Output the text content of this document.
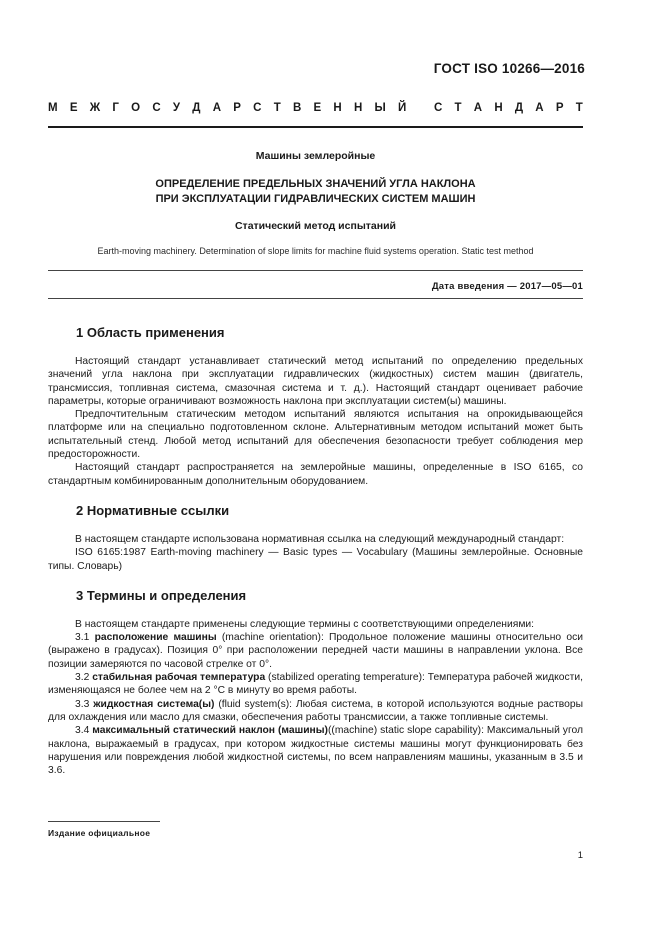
ГОСТ ISO 10266—2016
М Е Ж Г О С У Д А Р С Т В Е Н Н Ы Й
С Т А Н Д А Р Т
Машины землеройные
ОПРЕДЕЛЕНИЕ ПРЕДЕЛЬНЫХ ЗНАЧЕНИЙ УГЛА НАКЛОНА
ПРИ ЭКСПЛУАТАЦИИ ГИДРАВЛИЧЕСКИХ СИСТЕМ МАШИН
Статический метод испытаний
Earth-moving machinery. Determination of slope limits for machine fluid systems operation. Static test method
Дата введения — 2017—05—01
1 Область применения

Настоящий стандарт устанавливает статический метод испытаний по определению предельных значений угла наклона при эксплуатации гидравлических (жидкостных) систем машин (двигатель, трансмиссия, топливная система, смазочная система и т. д.). Настоящий стандарт оценивает рабочие параметры, которые ограничивают возможность наклона при эксплуатации систем(ы) машины.

Предпочтительным статическим методом испытаний являются испытания на опрокидывающейся платформе или на специально подготовленном склоне. Альтернативным методом испытаний может быть испытательный стенд. Любой метод испытаний для обеспечения безопасности требует соблюдения мер предосторожности.

Настоящий стандарт распространяется на землеройные машины, определенные в ISO 6165, со стандартным комбинированным дополнительным оборудованием.

2 Нормативные ссылки

В настоящем стандарте использована нормативная ссылка на следующий международный стандарт:

ISO 6165:1987 Earth-moving machinery — Basic types — Vocabulary (Машины землеройные. Основные типы. Словарь)

3 Термины и определения

В настоящем стандарте применены следующие термины с соответствующими определениями:

3.1 расположение машины (machine orientation): Продольное положение машины относительно оси (выражено в градусах). Позиция 0° при расположении передней части машины в направлении уклона. Все позиции замеряются по часовой стрелке от 0°.

3.2 стабильная рабочая температура (stabilized operating temperature): Температура рабочей жидкости, изменяющаяся не более чем на 2 °С в минуту во время работы.

3.3 жидкостная система(ы) (fluid system(s): Любая система, в которой используются водные растворы для охлаждения или масло для смазки, обеспечения работы трансмиссии, а также топливные системы.

3.4 максимальный статический наклон (машины)((machine) static slope capability): Максимальный угол наклона, выражаемый в градусах, при котором жидкостные системы машины могут функционировать без нарушения или повреждения любой жидкостной системы, по всем направлениям машины, указанным в 3.5 и 3.6.

Издание официальное
1
